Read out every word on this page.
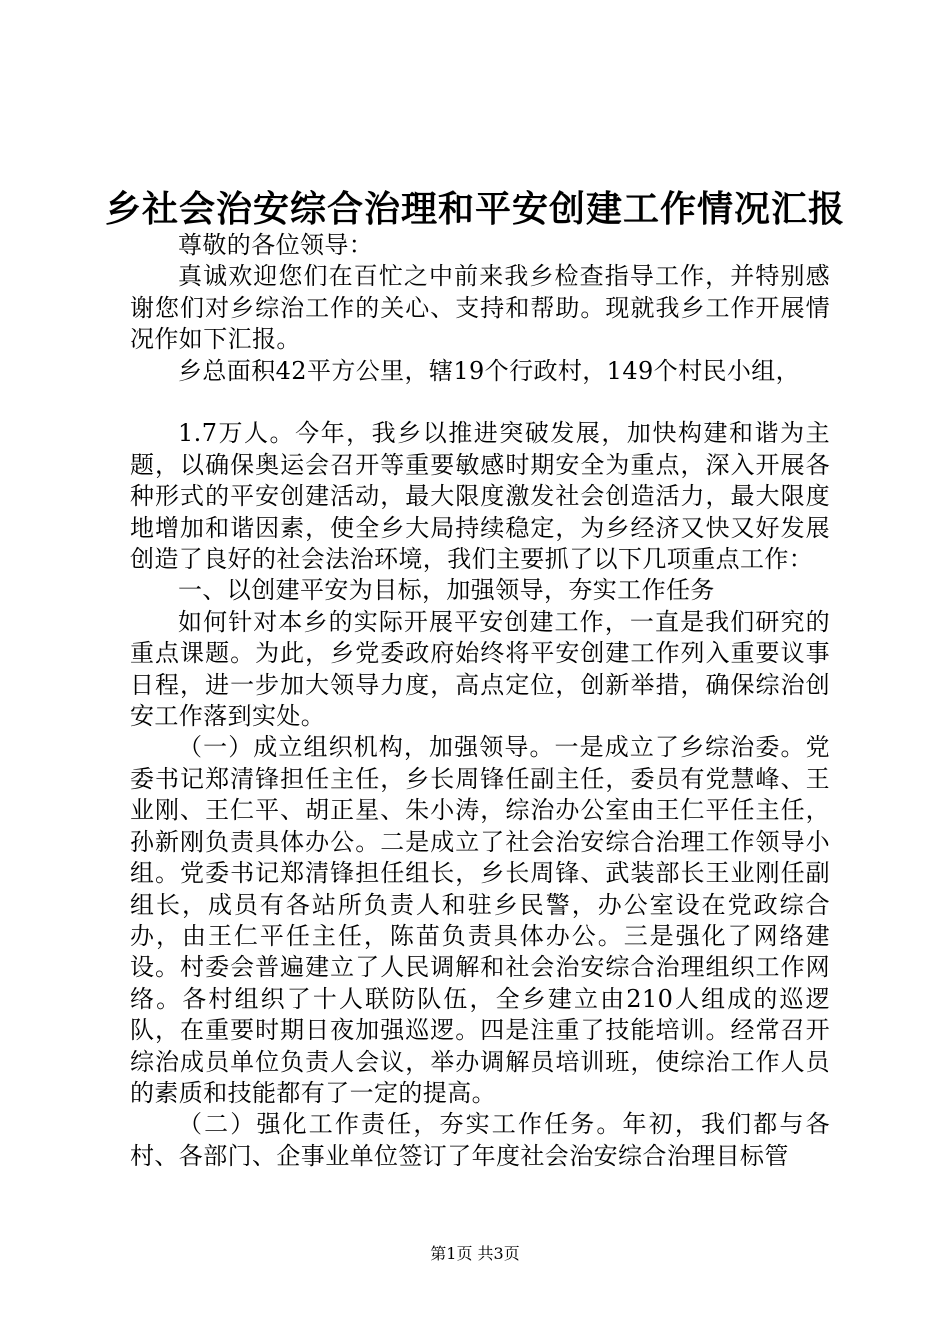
乡社会治安综合治理和平安创建工作情况汇报

尊敬的各位领导：

真诚欢迎您们在百忙之中前来我乡检查指导工作，并特别感谢您们对乡综治工作的关心、支持和帮助。现就我乡工作开展情况作如下汇报。

乡总面积42平方公里，辖19个行政村，149个村民小组，

1.7万人。今年，我乡以推进突破发展，加快构建和谐为主题，以确保奥运会召开等重要敏感时期安全为重点，深入开展各种形式的平安创建活动，最大限度激发社会创造活力，最大限度地增加和谐因素，使全乡大局持续稳定，为乡经济又快又好发展创造了良好的社会法治环境，我们主要抓了以下几项重点工作：

一、以创建平安为目标，加强领导，夯实工作任务

如何针对本乡的实际开展平安创建工作，一直是我们研究的重点课题。为此，乡党委政府始终将平安创建工作列入重要议事日程，进一步加大领导力度，高点定位，创新举措，确保综治创安工作落到实处。

（一）成立组织机构，加强领导。一是成立了乡综治委。党委书记郑清锋担任主任，乡长周锋任副主任，委员有党慧峰、王业刚、王仁平、胡正星、朱小涛，综治办公室由王仁平任主任，孙新刚负责具体办公。二是成立了社会治安综合治理工作领导小组。党委书记郑清锋担任组长，乡长周锋、武装部长王业刚任副组长，成员有各站所负责人和驻乡民警，办公室设在党政综合办，由王仁平任主任，陈苗负责具体办公。三是强化了网络建设。村委会普遍建立了人民调解和社会治安综合治理组织工作网络。各村组织了十人联防队伍，全乡建立由210人组成的巡逻队，在重要时期日夜加强巡逻。四是注重了技能培训。经常召开综治成员单位负责人会议，举办调解员培训班，使综治工作人员的素质和技能都有了一定的提高。

（二）强化工作责任，夯实工作任务。年初，我们都与各村、各部门、企事业单位签订了年度社会治安综合治理目标管

第1页 共3页
